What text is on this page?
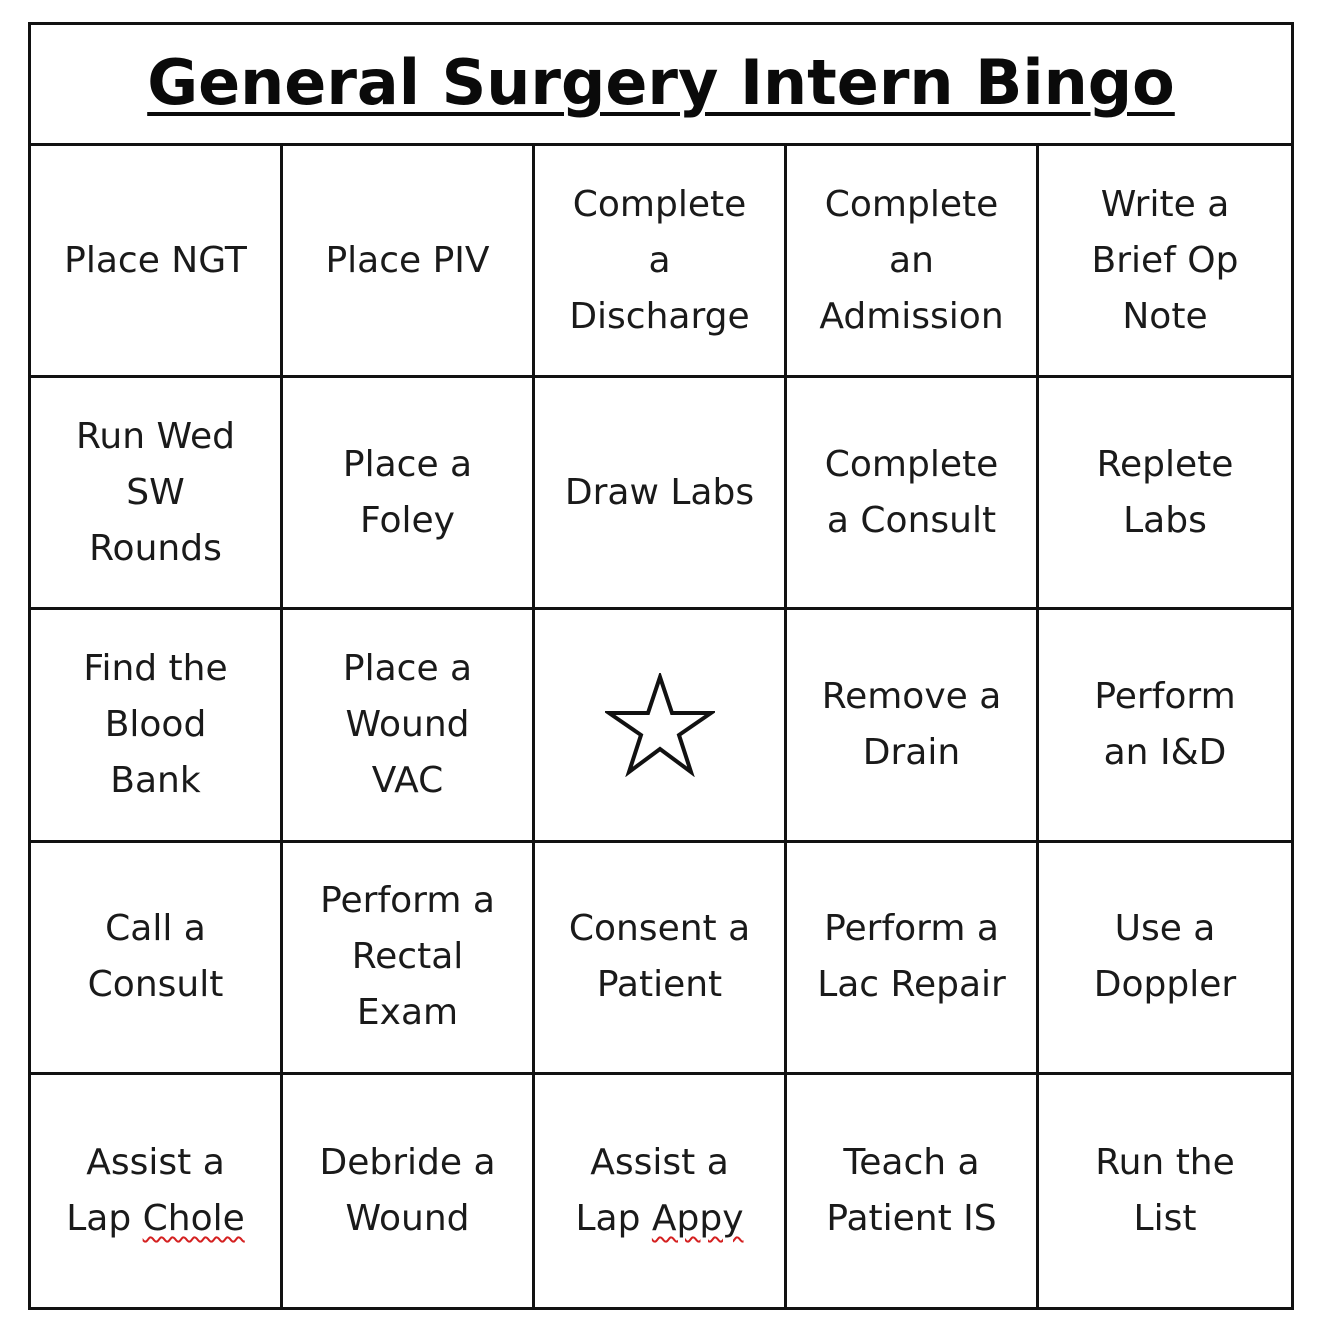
General Surgery Intern Bingo
Place NGT Place PIV
Complete
a
Discharge
Complete
an
Admission
Write a
Brief Op
Note
Run Wed
SW
Rounds
Place a
Foley
Draw Labs
Complete
a Consult
Replete
Labs
Find the
Blood
Bank
Place a
Wound
VAC
Remove a
Drain
Perform
an I&D
Call a
Consult
Perform a
Rectal
Exam
Consent a
Patient
Perform a
Lac Repair
Use a
Doppler
Assist a
Lap Chole
Debride a
Wound
Assist a
Lap Appy
Teach a
Patient IS
Run the
List
